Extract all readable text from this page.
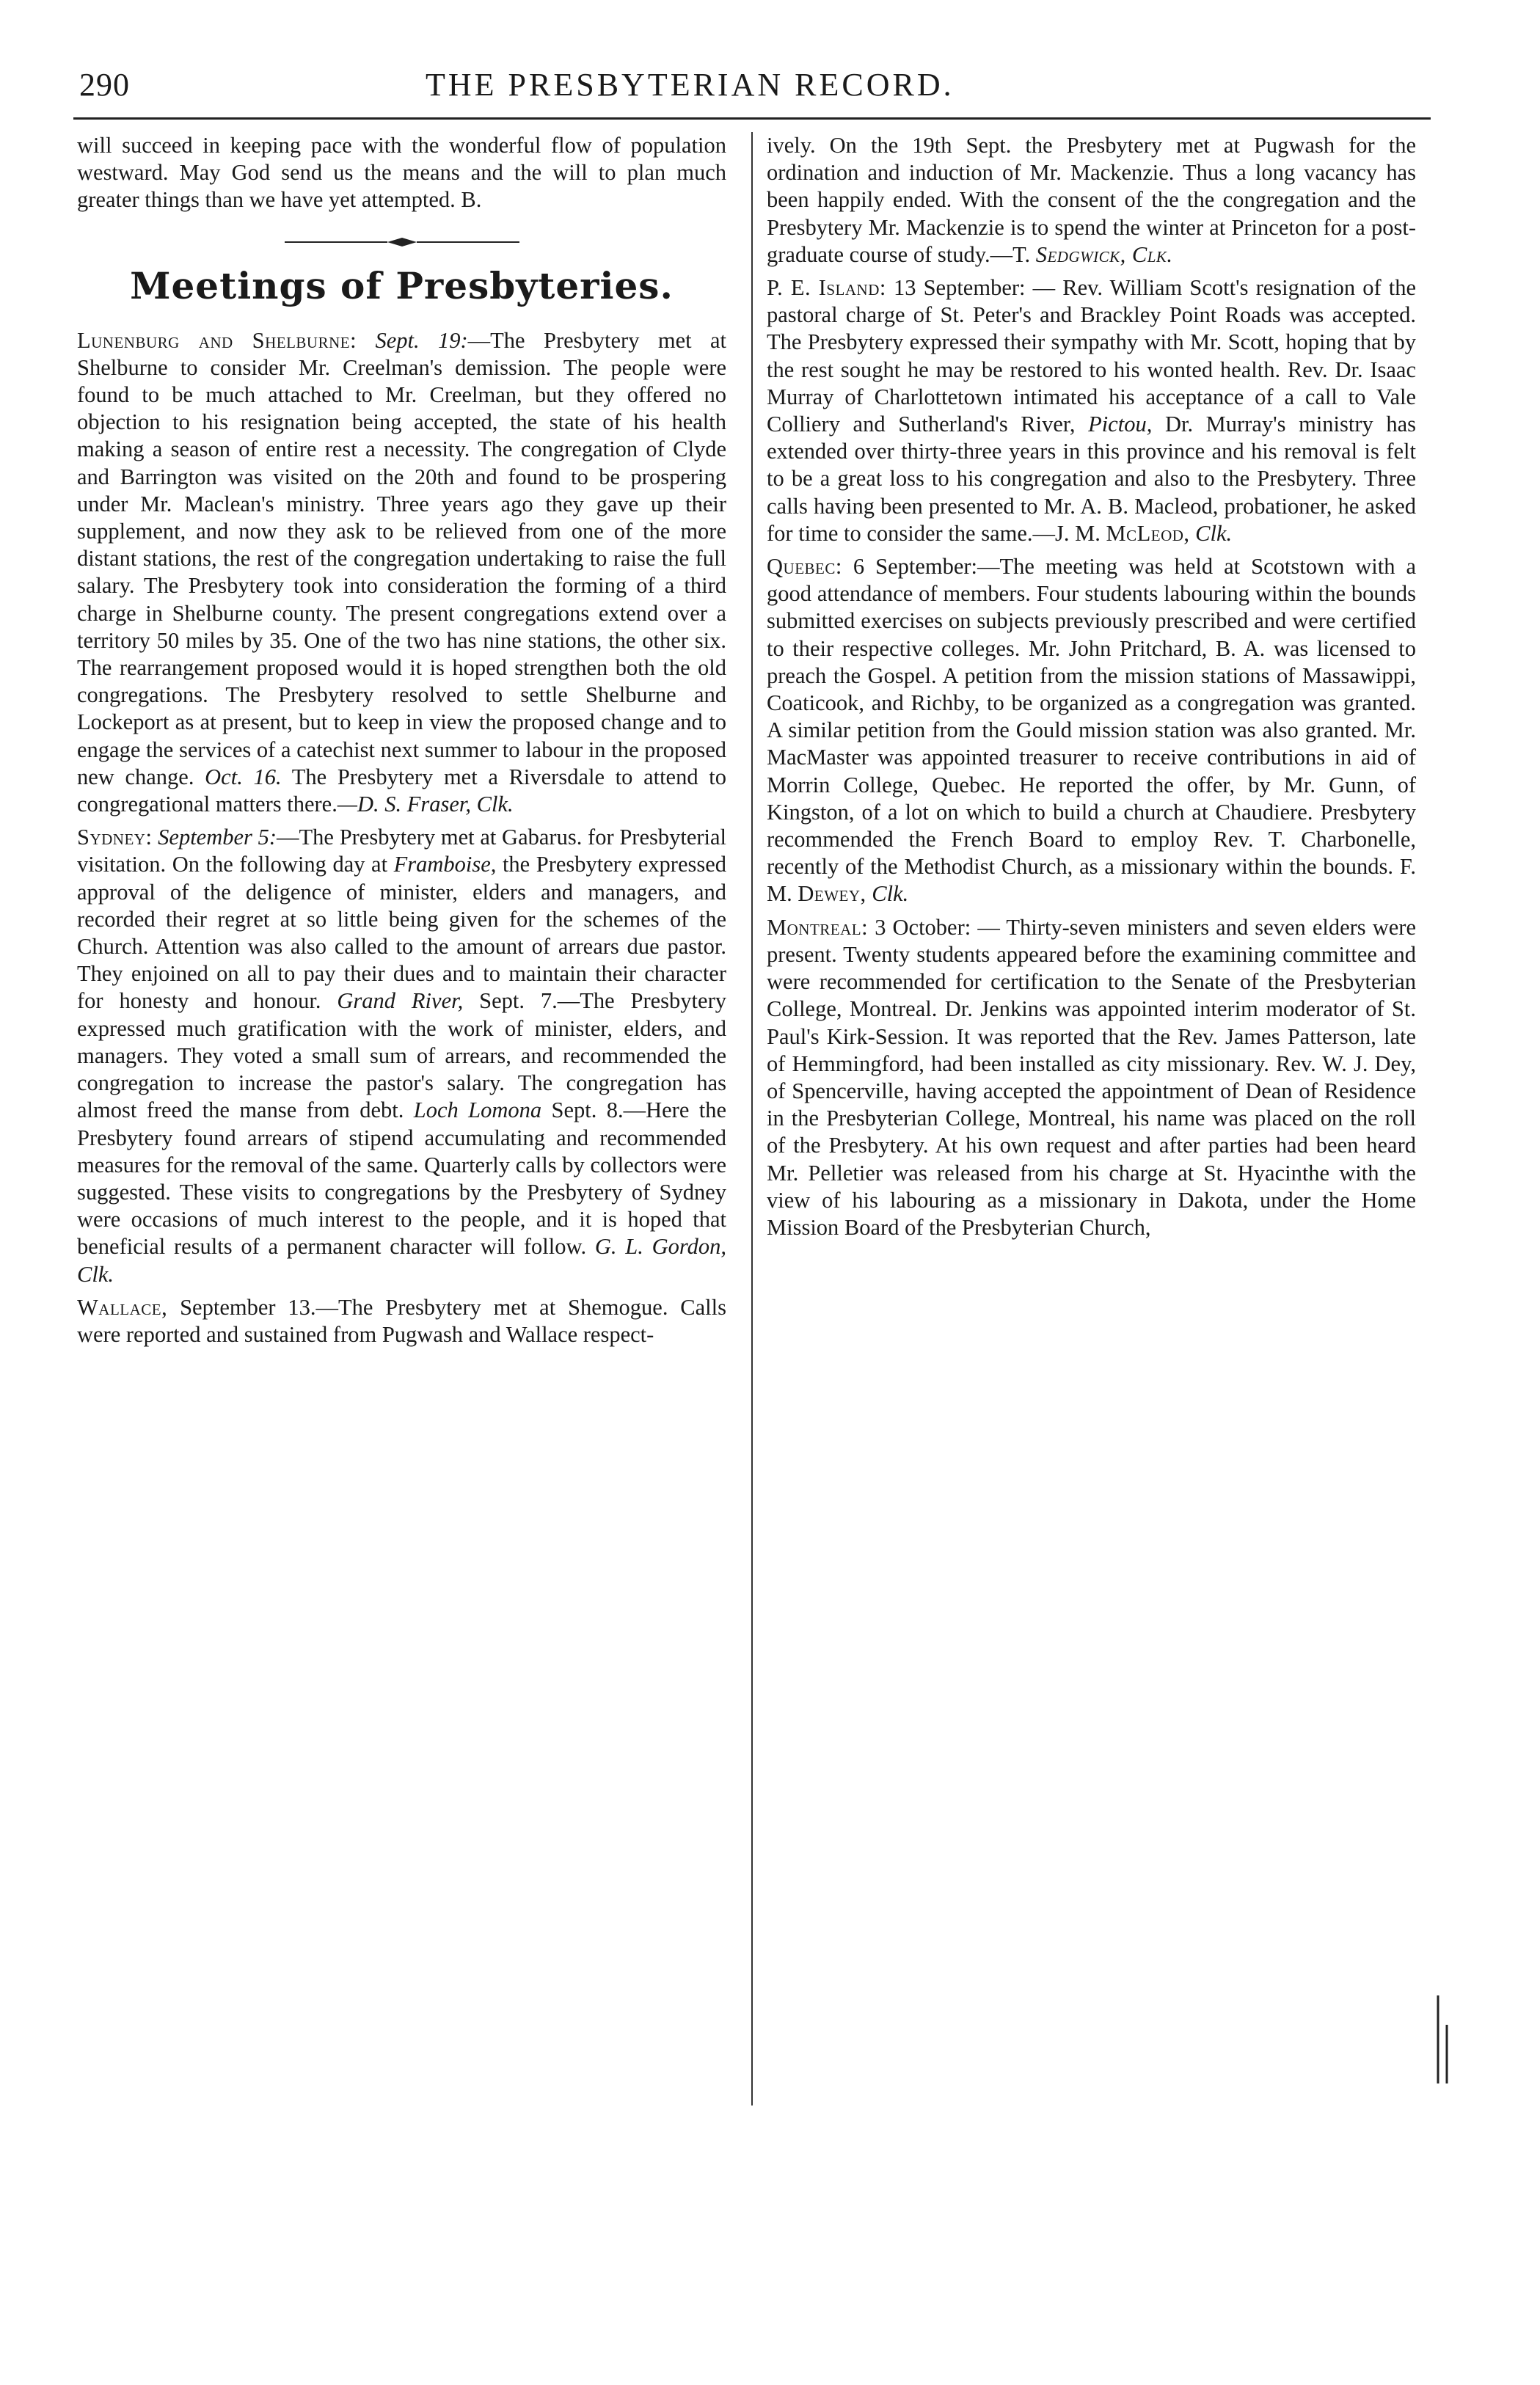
290	THE PRESBYTERIAN RECORD.

will succeed in keeping pace with the wonderful flow of population westward. May God send us the means and the will to plan much greater things than we have yet attempted. B.

Meetings of Presbyteries.

Lunenburg and Shelburne: Sept. 19:—The Presbytery met at Shelburne to consider Mr. Creelman's demission. The people were found to be much attached to Mr. Creelman, but they offered no objection to his resignation being accepted, the state of his health making a season of entire rest a necessity. The congregation of Clyde and Barrington was visited on the 20th and found to be prospering under Mr. Maclean's ministry. Three years ago they gave up their supplement, and now they ask to be relieved from one of the more distant stations, the rest of the congregation undertaking to raise the full salary. The Presbytery took into consideration the forming of a third charge in Shelburne county. The present congregations extend over a territory 50 miles by 35. One of the two has nine stations, the other six. The rearrangement proposed would it is hoped strengthen both the old congregations. The Presbytery resolved to settle Shelburne and Lockeport as at present, but to keep in view the proposed change and to engage the services of a catechist next summer to labour in the proposed new change. Oct. 16. The Presbytery met a Riversdale to attend to congregational matters there.—D. S. Fraser, Clk.

Sydney: September 5:—The Presbytery met at Gabarus. for Presbyterial visitation. On the following day at Framboise, the Presbytery expressed approval of the deligence of minister, elders and managers, and recorded their regret at so little being given for the schemes of the Church. Attention was also called to the amount of arrears due pastor. They enjoined on all to pay their dues and to maintain their character for honesty and honour. Grand River, Sept. 7.—The Presbytery expressed much gratification with the work of minister, elders, and managers. They voted a small sum of arrears, and recommended the congregation to increase the pastor's salary. The congregation has almost freed the manse from debt. Loch Lomona Sept. 8.—Here the Presbytery found arrears of stipend accumulating and recommended measures for the removal of the same. Quarterly calls by collectors were suggested. These visits to congregations by the Presbytery of Sydney were occasions of much interest to the people, and it is hoped that beneficial results of a permanent character will follow. G. L. Gordon, Clk.

Wallace, September 13.—The Presbytery met at Shemogue. Calls were reported and sustained from Pugwash and Wallace respect-

ively. On the 19th Sept. the Presbytery met at Pugwash for the ordination and induction of Mr. Mackenzie. Thus a long vacancy has been happily ended. With the consent of the the congregation and the Presbytery Mr. Mackenzie is to spend the winter at Princeton for a post-graduate course of study.—T. Sedgwick, Clk.

P. E. Island: 13 September: — Rev. William Scott's resignation of the pastoral charge of St. Peter's and Brackley Point Roads was accepted. The Presbytery expressed their sympathy with Mr. Scott, hoping that by the rest sought he may be restored to his wonted health. Rev. Dr. Isaac Murray of Charlottetown intimated his acceptance of a call to Vale Colliery and Sutherland's River, Pictou, Dr. Murray's ministry has extended over thirty-three years in this province and his removal is felt to be a great loss to his congregation and also to the Presbytery. Three calls having been presented to Mr. A. B. Macleod, probationer, he asked for time to consider the same.—J. M. McLeod, Clk.

Quebec: 6 September:—The meeting was held at Scotstown with a good attendance of members. Four students labouring within the bounds submitted exercises on subjects previously prescribed and were certified to their respective colleges. Mr. John Pritchard, B. A. was licensed to preach the Gospel. A petition from the mission stations of Massawippi, Coaticook, and Richby, to be organized as a congregation was granted. A similar petition from the Gould mission station was also granted. Mr. MacMaster was appointed treasurer to receive contributions in aid of Morrin College, Quebec. He reported the offer, by Mr. Gunn, of Kingston, of a lot on which to build a church at Chaudiere. Presbytery recommended the French Board to employ Rev. T. Charbonelle, recently of the Methodist Church, as a missionary within the bounds. F. M. Dewey, Clk.

Montreal: 3 October: — Thirty-seven ministers and seven elders were present. Twenty students appeared before the examining committee and were recommended for certification to the Senate of the Presbyterian College, Montreal. Dr. Jenkins was appointed interim moderator of St. Paul's Kirk-Session. It was reported that the Rev. James Patterson, late of Hemmingford, had been installed as city missionary. Rev. W. J. Dey, of Spencerville, having accepted the appointment of Dean of Residence in the Presbyterian College, Montreal, his name was placed on the roll of the Presbytery. At his own request and after parties had been heard Mr. Pelletier was released from his charge at St. Hyacinthe with the view of his labouring as a missionary in Dakota, under the Home Mission Board of the Presbyterian Church,
